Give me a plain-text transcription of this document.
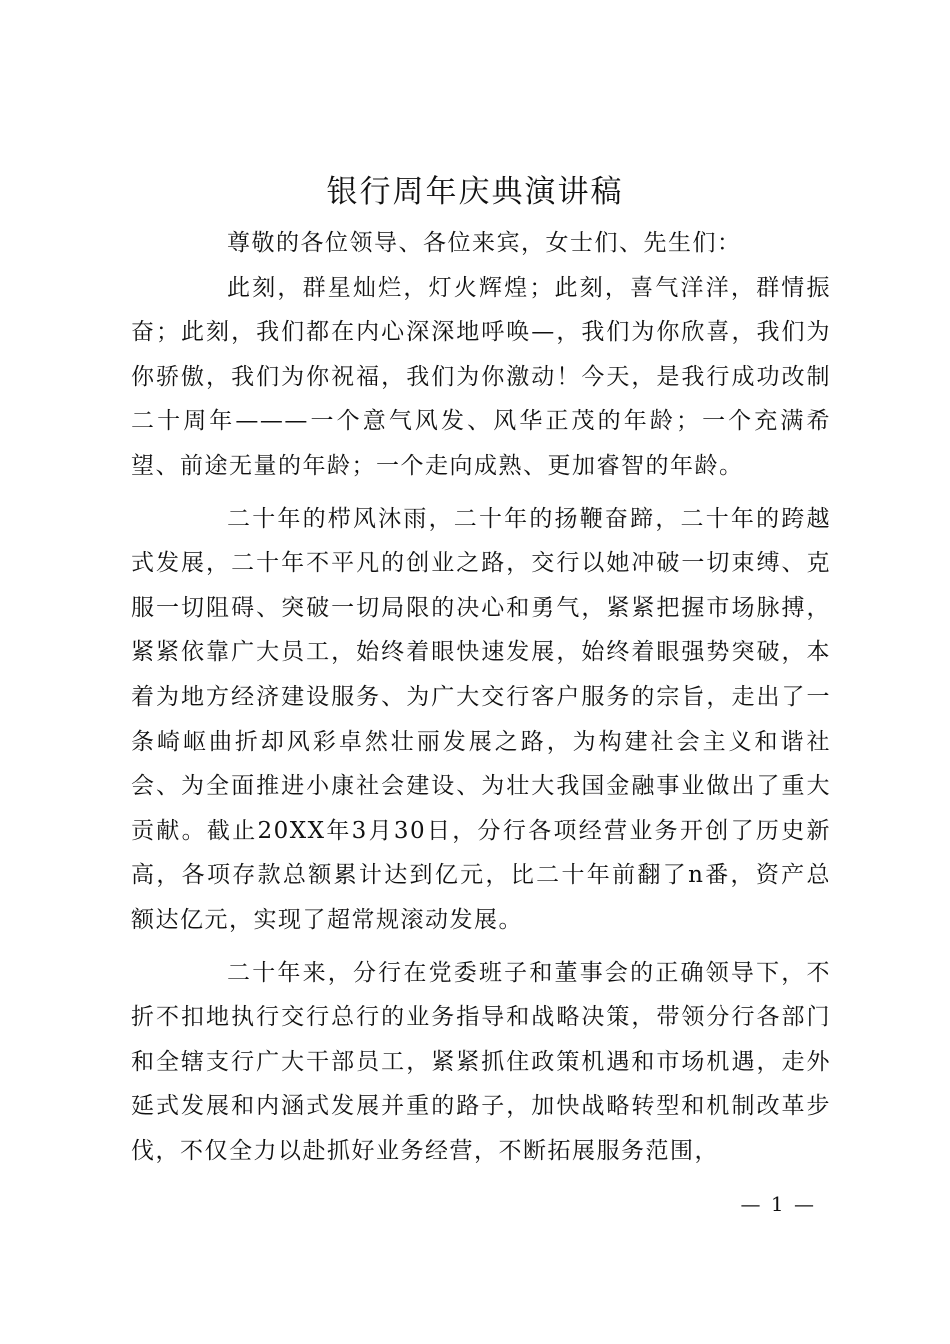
银行周年庆典演讲稿

尊敬的各位领导、各位来宾，女士们、先生们：

此刻，群星灿烂，灯火辉煌；此刻，喜气洋洋，群情振奋；此刻，我们都在内心深深地呼唤—，我们为你欣喜，我们为你骄傲，我们为你祝福，我们为你激动！今天，是我行成功改制二十周年———一个意气风发、风华正茂的年龄；一个充满希望、前途无量的年龄；一个走向成熟、更加睿智的年龄。

二十年的栉风沐雨，二十年的扬鞭奋蹄，二十年的跨越式发展，二十年不平凡的创业之路，交行以她冲破一切束缚、克服一切阻碍、突破一切局限的决心和勇气，紧紧把握市场脉搏，紧紧依靠广大员工，始终着眼快速发展，始终着眼强势突破，本着为地方经济建设服务、为广大交行客户服务的宗旨，走出了一条崎岖曲折却风彩卓然壮丽发展之路，为构建社会主义和谐社会、为全面推进小康社会建设、为壮大我国金融事业做出了重大贡献。截止20XX年3月30日，分行各项经营业务开创了历史新高，各项存款总额累计达到亿元，比二十年前翻了n番，资产总额达亿元，实现了超常规滚动发展。

二十年来，分行在党委班子和董事会的正确领导下，不折不扣地执行交行总行的业务指导和战略决策，带领分行各部门和全辖支行广大干部员工，紧紧抓住政策机遇和市场机遇，走外延式发展和内涵式发展并重的路子，加快战略转型和机制改革步伐，不仅全力以赴抓好业务经营，不断拓展服务范围，

— 1 —
